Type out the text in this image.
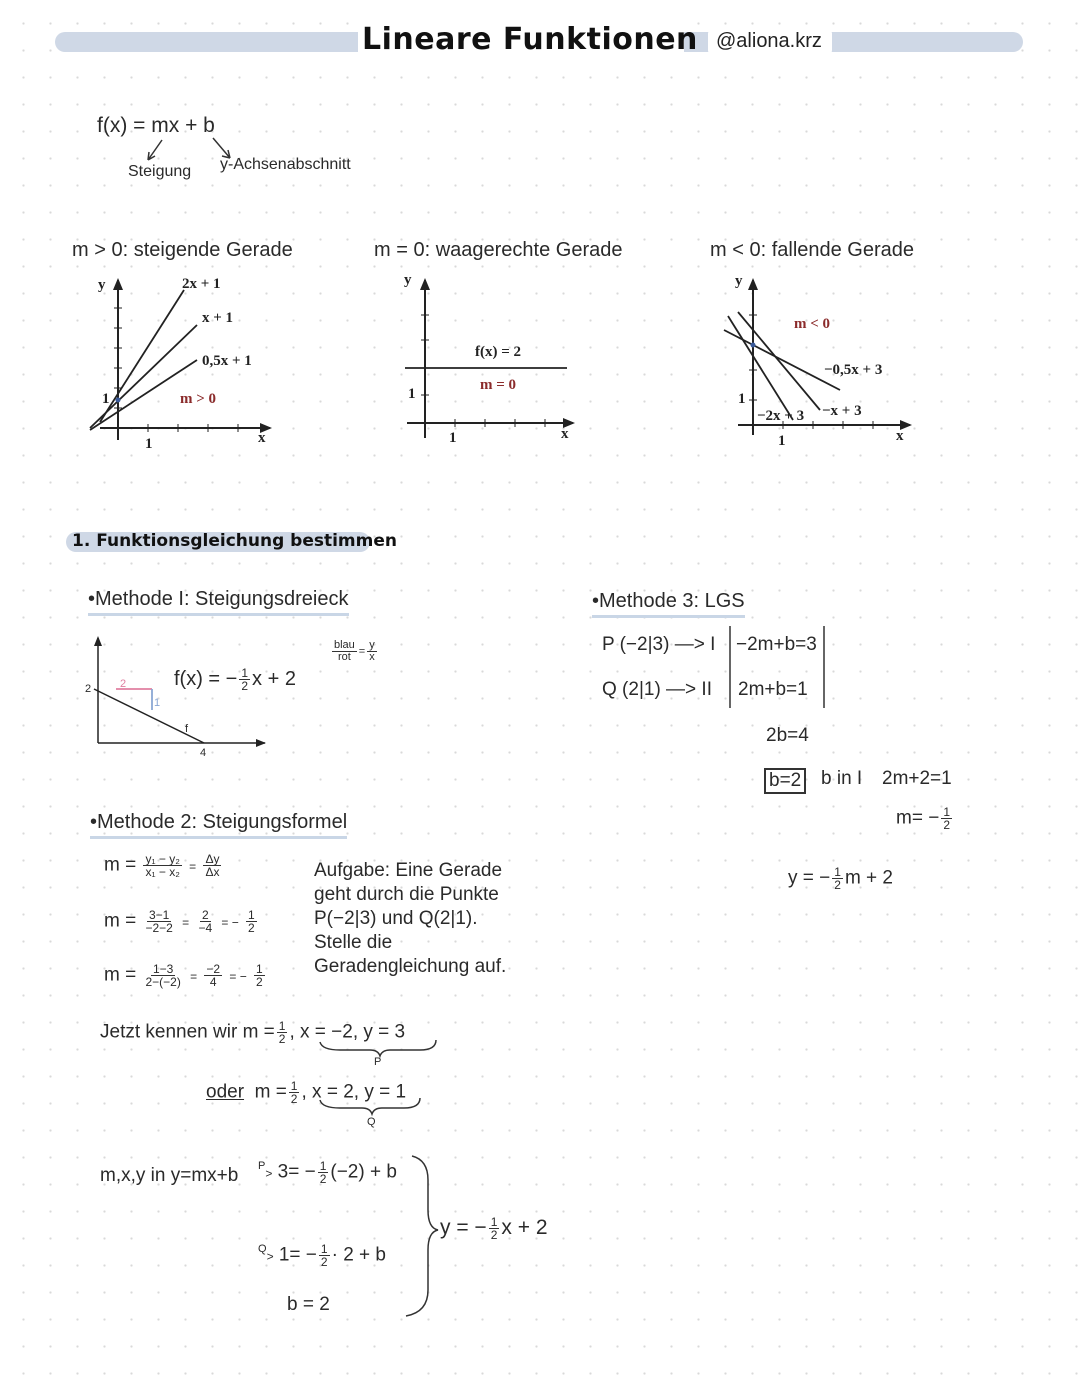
Lineare Funktionen @aliona.krz
f(x) = mx + b
Steigung y-Achsenabschnitt
m > 0: steigende Gerade	m = 0: waagerechte Gerade	m < 0: fallende Gerade
y
x
1
1
2x + 1
x + 1
0,5x + 1
m > 0
y
x
1
1
f(x) = 2
m = 0
y
x
1
1
−0,5x + 3
−2x + 3 −x + 3
m < 0
1. Funktionsgleichung bestimmen
•Methode I: Steigungsdreieck
2
4
2
1
f
f(x) = − $\frac{1}{2}$ x + 2
$\frac{\text{blau}}{\text{rot}} = \frac{y}{x}$
•Methode 2: Steigungsformel
$m = \frac{\text{y₁ − y₂}}{\text{x₁ − x₂}} = \frac{\Delta y}{\Delta x}$
$m = \frac{3-1}{-2-2} = \frac{2}{-4}$ = − $\frac{1}{2}$
$m = \frac{1-3}{2-(-2)} = \frac{-2}{4}$ = − $\frac{1}{2}$
Aufgabe: Eine Gerade
geht durch die Punkte
P(−2|3) und Q(2|1).
Stelle die
Geradengleichung auf.
Jetzt kennen wir $m = \frac{1}{2}$ , x = −2, y = 3
oder $m = \frac{1}{2}$ , x = 2, y = 1
P
Q
m,x,y in y=mx+b $^P> 3= - \frac{1}{2} (-2) + b$
$^Q> 1= - \frac{1}{2} \cdot 2 + b$
b = 2
y = − $\frac{1}{2}$ x + 2
•Methode 3: LGS
P (−2|3) —> I
Q (2|1) —> II
−2m+b=3
2m+b=1
2b=4
b=2 b in I 2m+2=1
$m= - \frac{1}{2}$
y = − $\frac{1}{2}$ m + 2
